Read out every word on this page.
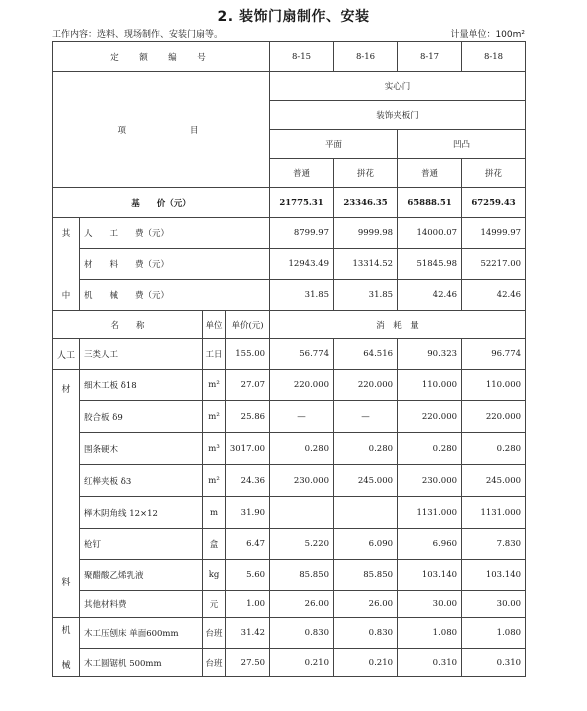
2. 装饰门扇制作、安装
工作内容：选料、现场制作、安装门扇等。	计量单位：100m²
定　额　编　号				8-15	8-16	8-17	8-18
项　　　　目				实心门			
				装饰夹板门			
				平面		凹凸	
				普通	拼花	普通	拼花
基　　价（元）				21775.31	23346.35	65888.51	67259.43
其	人　　工　　费（元）			8799.97	9999.98	14000.07	14999.97
	材　　料　　费（元）			12943.49	13314.52	51845.98	52217.00
中	机　　械　　费（元）			31.85	31.85	42.46	42.46
名　　称		单位	单价(元)	消　耗　量			
人工	三类人工	工日	155.00	56.774	64.516	90.323	96.774

材
料	细木工板 δ18	m²	27.07	220.000	220.000	110.000	110.000
	胶合板 δ9	m²	25.86	—	—	220.000	220.000
	围条硬木	m³	3017.00	0.280	0.280	0.280	0.280
	红榉夹板 δ3	m²	24.36	230.000	245.000	230.000	245.000
	榉木阴角线 12×12	m	31.90			1131.000	1131.000
	枪钉	盒	6.47	5.220	6.090	6.960	7.830
	聚醋酸乙烯乳液	kg	5.60	85.850	85.850	103.140	103.140
	其他材料费	元	1.00	26.00	26.00	30.00	30.00

机
械	木工压刨床 单面600mm	台班	31.42	0.830	0.830	1.080	1.080
	木工圆锯机 500mm	台班	27.50	0.210	0.210	0.310	0.310
